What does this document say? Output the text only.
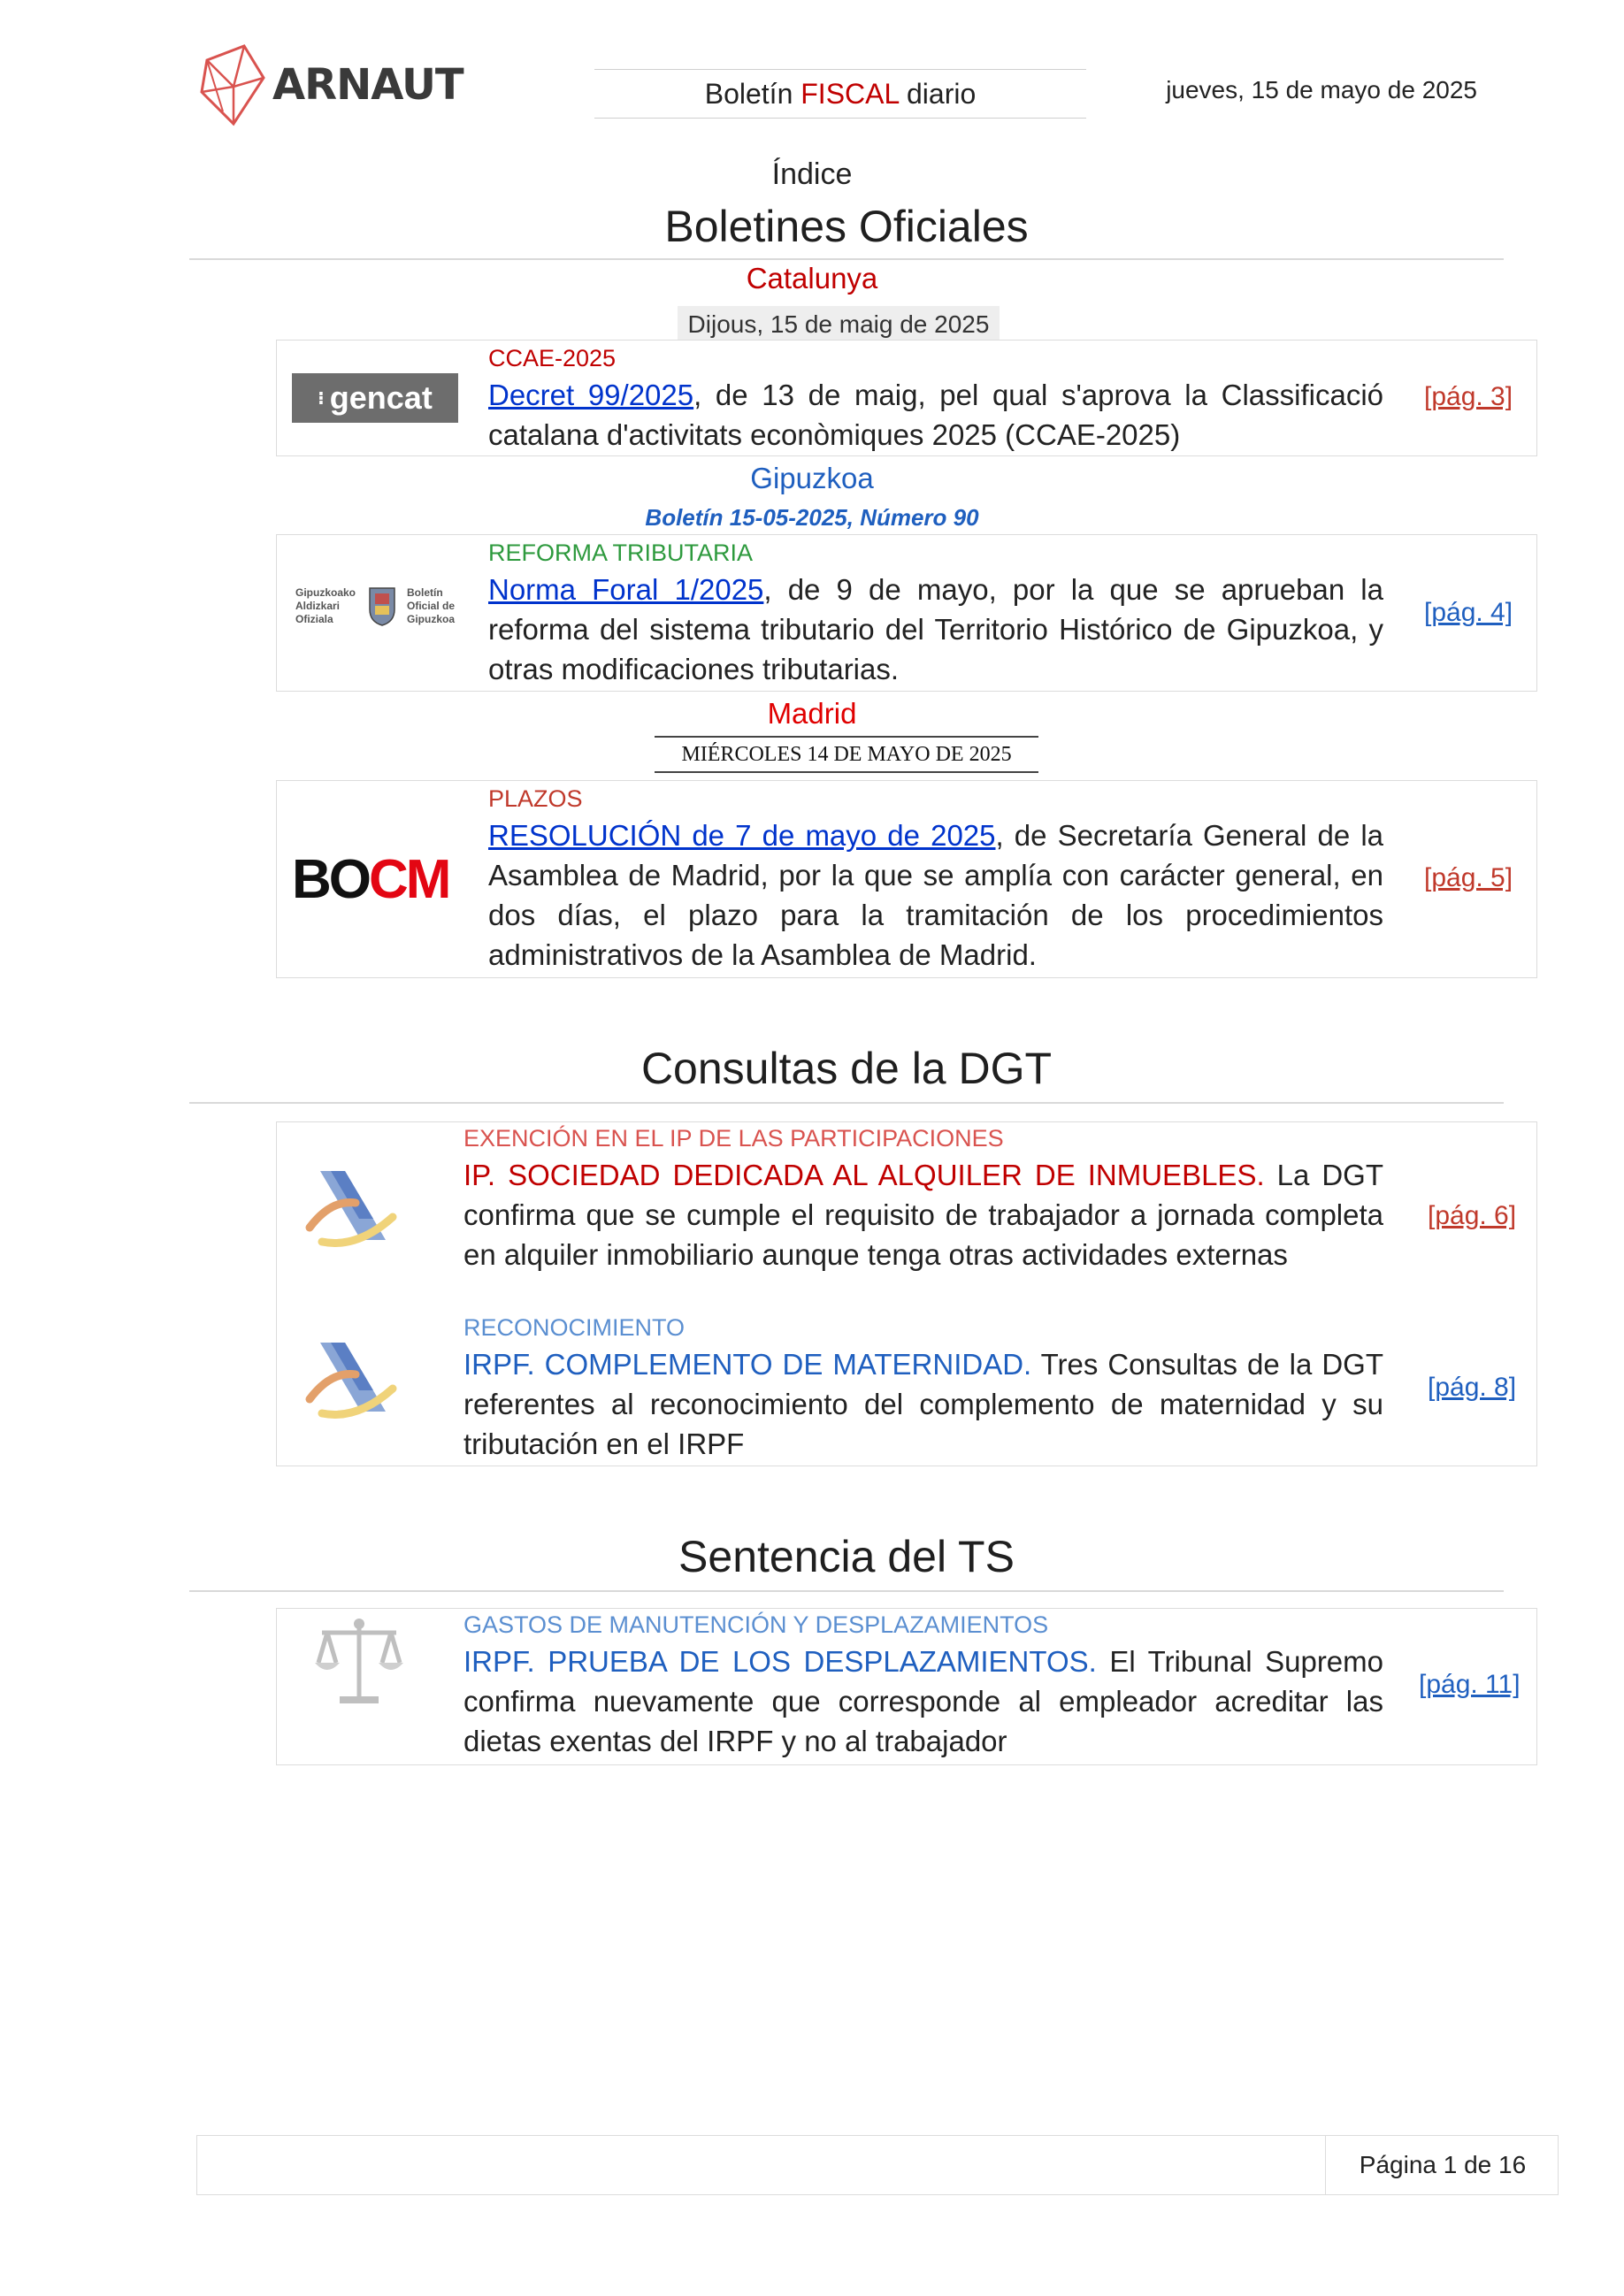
ARNAUT	Boletín FISCAL diario	jueves, 15 de mayo de 2025
Índice
Boletines Oficiales
Catalunya
Dijous, 15 de maig de 2025
⁝ gencat
CCAE-2025
Decret 99/2025, de 13 de maig, pel qual s'aprova la Classificació catalana d'activitats econòmiques 2025 (CCAE-2025)
[pág. 3]
Gipuzkoa
Boletín 15-05-2025, Número 90
Gipuzkoako Aldizkari Ofiziala
Boletín Oficial de Gipuzkoa
REFORMA TRIBUTARIA
Norma Foral 1/2025, de 9 de mayo, por la que se aprueban la reforma del sistema tributario del Territorio Histórico de Gipuzkoa, y otras modificaciones tributarias.
[pág. 4]
Madrid
MIÉRCOLES 14 DE MAYO DE 2025
BOCM
PLAZOS
RESOLUCIÓN de 7 de mayo de 2025, de Secretaría General de la Asamblea de Madrid, por la que se amplía con carácter general, en dos días, el plazo para la tramitación de los procedimientos administrativos de la Asamblea de Madrid.
[pág. 5]
Consultas de la DGT
EXENCIÓN EN EL IP DE LAS PARTICIPACIONES
IP. SOCIEDAD DEDICADA AL ALQUILER DE INMUEBLES. La DGT confirma que se cumple el requisito de trabajador a jornada completa en alquiler inmobiliario aunque tenga otras actividades externas
[pág. 6]
RECONOCIMIENTO
IRPF. COMPLEMENTO DE MATERNIDAD. Tres Consultas de la DGT referentes al reconocimiento del complemento de maternidad y su tributación en el IRPF
[pág. 8]
Sentencia del TS
GASTOS DE MANUTENCIÓN Y DESPLAZAMIENTOS
IRPF. PRUEBA DE LOS DESPLAZAMIENTOS. El Tribunal Supremo confirma nuevamente que corresponde al empleador acreditar las dietas exentas del IRPF y no al trabajador
[pág. 11]
Página 1 de 16
